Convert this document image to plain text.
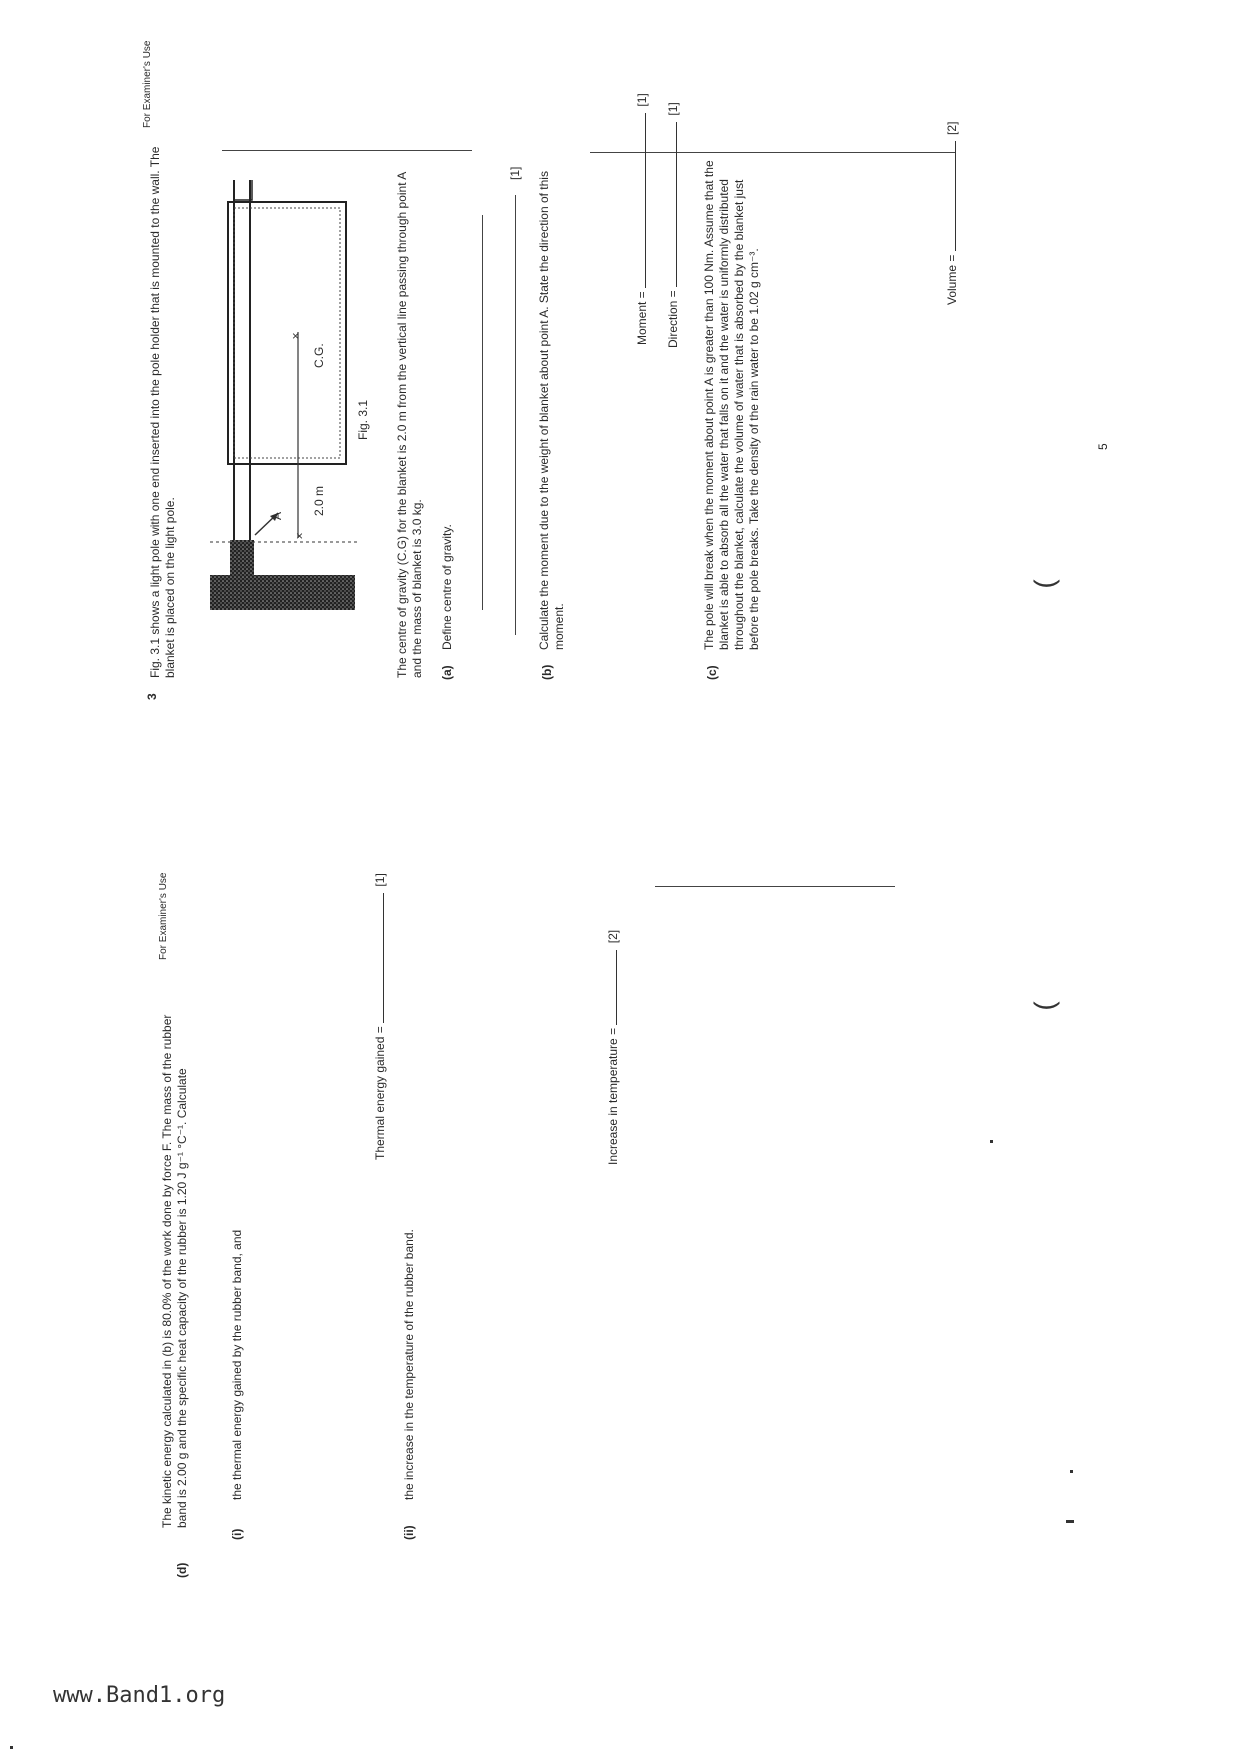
For Examiner's Use
(d)
The kinetic energy calculated in (b) is 80.0% of the work done by force F. The mass of the rubber band is 2.00 g and the specific heat capacity of the rubber is 1.20 J g⁻¹ °C⁻¹. Calculate
(i)
the thermal energy gained by the rubber band, and
Thermal energy gained =  [1]
(ii)
the increase in the temperature of the rubber band.
Increase in temperature =  [2]
For Examiner's Use
3
Fig. 3.1 shows a light pole with one end inserted into the pole holder that is mounted to the wall. The blanket is placed on the light pole.	×
×
A 2.0 m
C.G.
Fig. 3.1 The centre of gravity (C.G) for the blanket is 2.0 m from the vertical line passing through point A and the mass of blanket is 3.0 kg. (a)
Define centre of gravity.
[1]
(b)
Calculate the moment due to the weight of blanket about point A. State the direction of this moment.
Moment =  [1]
Direction =  [1]
(c)
The pole will break when the moment about point A is greater than 100 Nm. Assume that the blanket is able to absorb all the water that falls on it and the water is uniformly distributed throughout the blanket, calculate the volume of water that is absorbed by the blanket just before the pole breaks. Take the density of the rain water to be 1.02 g cm⁻³.	Volume =  [2]
5
(
(
www.Band1.org
